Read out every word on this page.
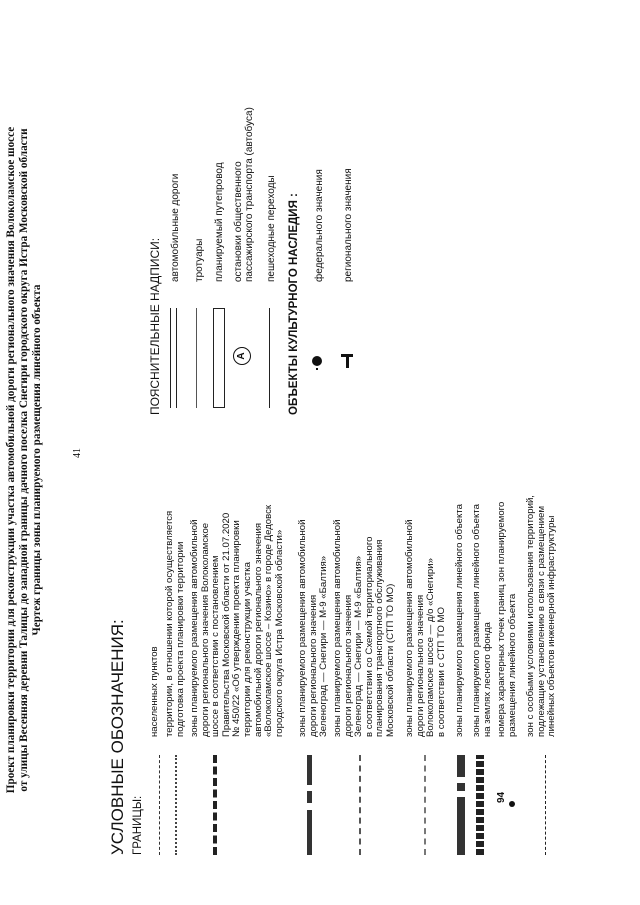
Проект планировки территории для реконструкции участка автомобильной дороги регионального значения Волоколамское шоссе от улицы Весенняя деревни Талицы до западной границы дачного поселка Снегири городского округа Истра Московской области Чертеж границы зоны планируемого размещения линейного объекта	41
УСЛОВНЫЕ ОБОЗНАЧЕНИЯ: ГРАНИЦЫ:
населенных пунктов территории, в отношении которой осуществляется подготовка проекта планировки территории зоны планируемого размещения автомобильной дороги регионального значения Волоколамское шоссе в соответствии с постановлением Правительства Московской области от 21.07.2020 № 450/22 «Об утверждении проекта планировки территории для реконструкции участка автомобильной дороги регионального значения «Волоколамское шоссе – Козино» в городе Дедовск городского округа Истра Московской области» зоны планируемого размещения автомобильной дороги регионального значения Зеленоград — Снегири — М-9 «Балтия» зоны планируемого размещения автомобильной дороги регионального значения Зеленоград — Снегири — М-9 «Балтия» в соответствии со Схемой территориального планирования транспортного обслуживания Московской области (СТП ТО МО) зоны планируемого размещения автомобильной дороги регионального значения Волоколамское шоссе — д/о «Снегири» в соответствии с СТП ТО МО зоны планируемого размещения линейного объекта зоны планируемого размещения линейного объекта на землях лесного фонда
94
номера характерных точек границ зон планируемого размещения линейного объекта зон с особыми условиями использования территорий, подлежащие установлению в связи с размещением линейных объектов инженерной инфраструктуры
ПОЯСНИТЕЛЬНЫЕ НАДПИСИ:
автомобильные дороги тротуары планируемый путепровод
А
остановки общественного пассажирского транспорта (автобуса) пешеходные переходы ОБЪЕКТЫ КУЛЬТУРНОГО НАСЛЕДИЯ : федерального значения регионального значения
